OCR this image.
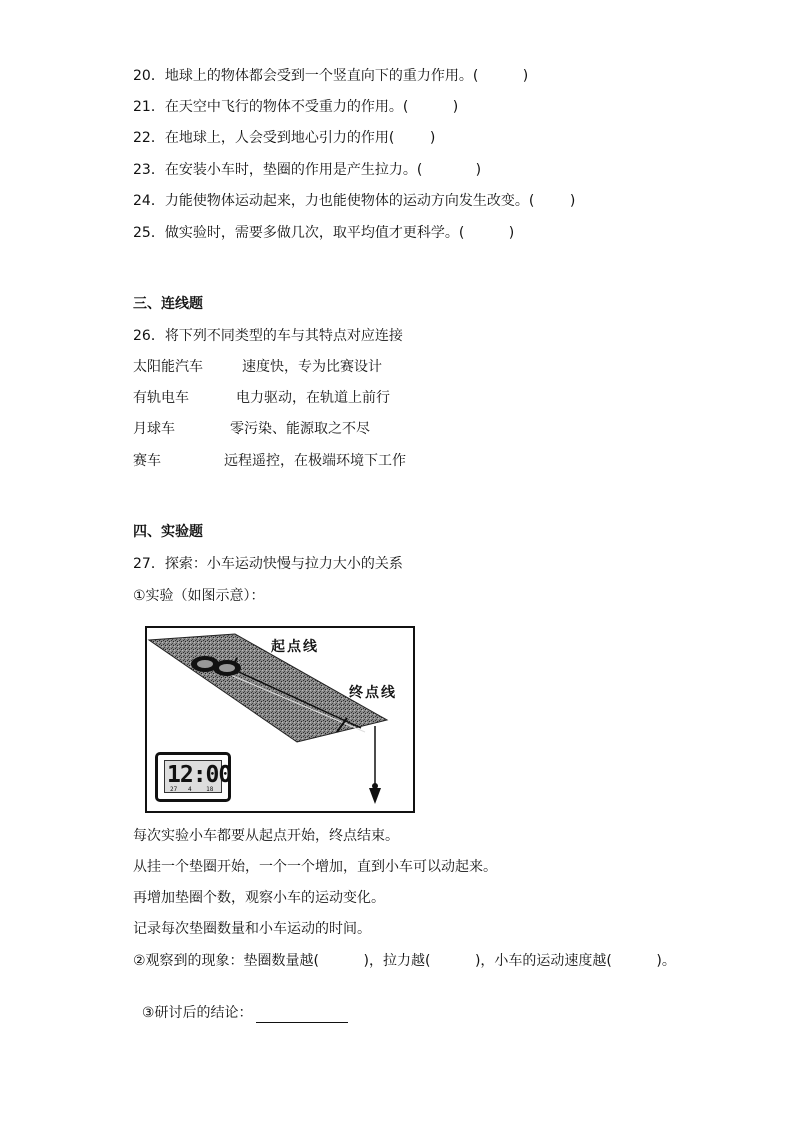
20．地球上的物体都会受到一个竖直向下的重力作用。(          )
21．在天空中飞行的物体不受重力的作用。(          )
22．在地球上，人会受到地心引力的作用(        )
23．在安装小车时，垫圈的作用是产生拉力。(            )
24．力能使物体运动起来，力也能使物体的运动方向发生改变。(        )
25．做实验时，需要多做几次，取平均值才更科学。(          )
三、连线题
26．将下列不同类型的车与其特点对应连接
太阳能汽车	速度快，专为比赛设计
有轨电车	电力驱动，在轨道上前行
月球车	零污染、能源取之不尽
赛车	远程遥控，在极端环境下工作
四、实验题
27．探索：小车运动快慢与拉力大小的关系
①实验（如图示意）：
起点线
终点线
12:00
27   4    18
每次实验小车都要从起点开始，终点结束。
从挂一个垫圈开始，一个一个增加，直到小车可以动起来。
再增加垫圈个数，观察小车的运动变化。
记录每次垫圈数量和小车运动的时间。
②观察到的现象：垫圈数量越(          )，拉力越(          )，小车的运动速度越(          )。

③研讨后的结论：
